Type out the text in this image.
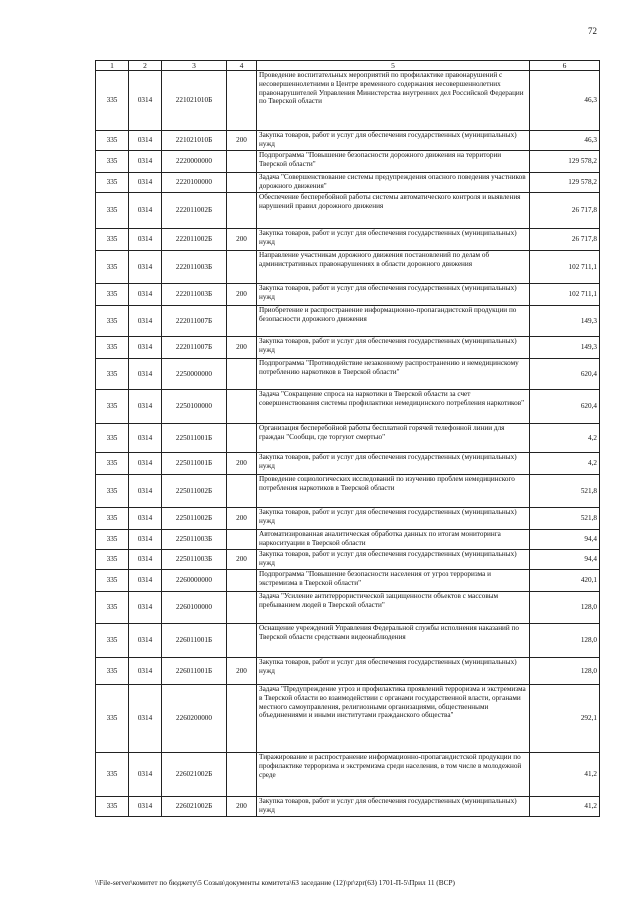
72
1	2	3	4	5	6
335	0314	221021010Б		Проведение воспитательных мероприятий по профилактике правонарушений с несовершеннолетними в Центре временного содержания несовершеннолетних правонарушителей Управления Министерства внутренних дел Российской Федерации по Тверской области	46,3
335	0314	221021010Б	200	Закупка товаров, работ и услуг для обеспечения государственных (муниципальных) нужд	46,3
335	0314	2220000000		Подпрограмма "Повышение безопасности дорожного движения на территории Тверской области"	129 578,2
335	0314	2220100000		Задача "Совершенствование системы предупреждения опасного поведения участников дорожного движения"	129 578,2
335	0314	222011002Б		Обеспечение бесперебойной работы системы автоматического контроля и выявления нарушений правил дорожного движения	26 717,8
335	0314	222011002Б	200	Закупка товаров, работ и услуг для обеспечения государственных (муниципальных) нужд	26 717,8
335	0314	222011003Б		Направление участникам дорожного движения постановлений по делам об административных правонарушениях в области дорожного движения	102 711,1
335	0314	222011003Б	200	Закупка товаров, работ и услуг для обеспечения государственных (муниципальных) нужд	102 711,1
335	0314	222011007Б		Приобретение и распространение информационно-пропагандистской продукции по безопасности дорожного движения	149,3
335	0314	222011007Б	200	Закупка товаров, работ и услуг для обеспечения государственных (муниципальных) нужд	149,3
335	0314	2250000000		Подпрограмма "Противодействие незаконному распространению и немедицинскому потреблению наркотиков в Тверской области"	620,4
335	0314	2250100000		Задача "Сокращение спроса на наркотики в Тверской области за счет совершенствования системы профилактики немедицинского потребления наркотиков"	620,4
335	0314	225011001Б		Организация бесперебойной работы бесплатной горячей телефонной линии для граждан "Сообщи, где торгуют смертью"	4,2
335	0314	225011001Б	200	Закупка товаров, работ и услуг для обеспечения государственных (муниципальных) нужд	4,2
335	0314	225011002Б		Проведение социологических исследований по изучению проблем немедицинского потребления наркотиков в Тверской области	521,8
335	0314	225011002Б	200	Закупка товаров, работ и услуг для обеспечения государственных (муниципальных) нужд	521,8
335	0314	225011003Б		Автоматизированная аналитическая обработка данных по итогам мониторинга наркоситуации в Тверской области	94,4
335	0314	225011003Б	200	Закупка товаров, работ и услуг для обеспечения государственных (муниципальных) нужд	94,4
335	0314	2260000000		Подпрограмма "Повышение безопасности населения от угроз терроризма и экстремизма в Тверской области"	420,1
335	0314	2260100000		Задача "Усиление антитеррористической защищенности объектов с массовым пребыванием людей в Тверской области"	128,0
335	0314	226011001Б		Оснащение учреждений Управления Федеральной службы исполнения наказаний по Тверской области средствами видеонаблюдения	128,0
335	0314	226011001Б	200	Закупка товаров, работ и услуг для обеспечения государственных (муниципальных) нужд	128,0
335	0314	2260200000		Задача "Предупреждение угроз и профилактика проявлений терроризма и экстремизма в Тверской области во взаимодействии с органами государственной власти, органами местного самоуправления, религиозными организациями, общественными объединениями и иными институтами гражданского общества"	292,1
335	0314	226021002Б		Тиражирование и распространение информационно-пропагандистской продукции по профилактике терроризма и экстремизма среди населения, в том числе в молодежной среде	41,2
335	0314	226021002Б	200	Закупка товаров, работ и услуг для обеспечения государственных (муниципальных) нужд	41,2
\\File-server\комитет по бюджету\5 Созыв\документы комитета\63 заседание (12)\pr\zpr(63) 1701-П-5\Прил 11 (ВСР)
